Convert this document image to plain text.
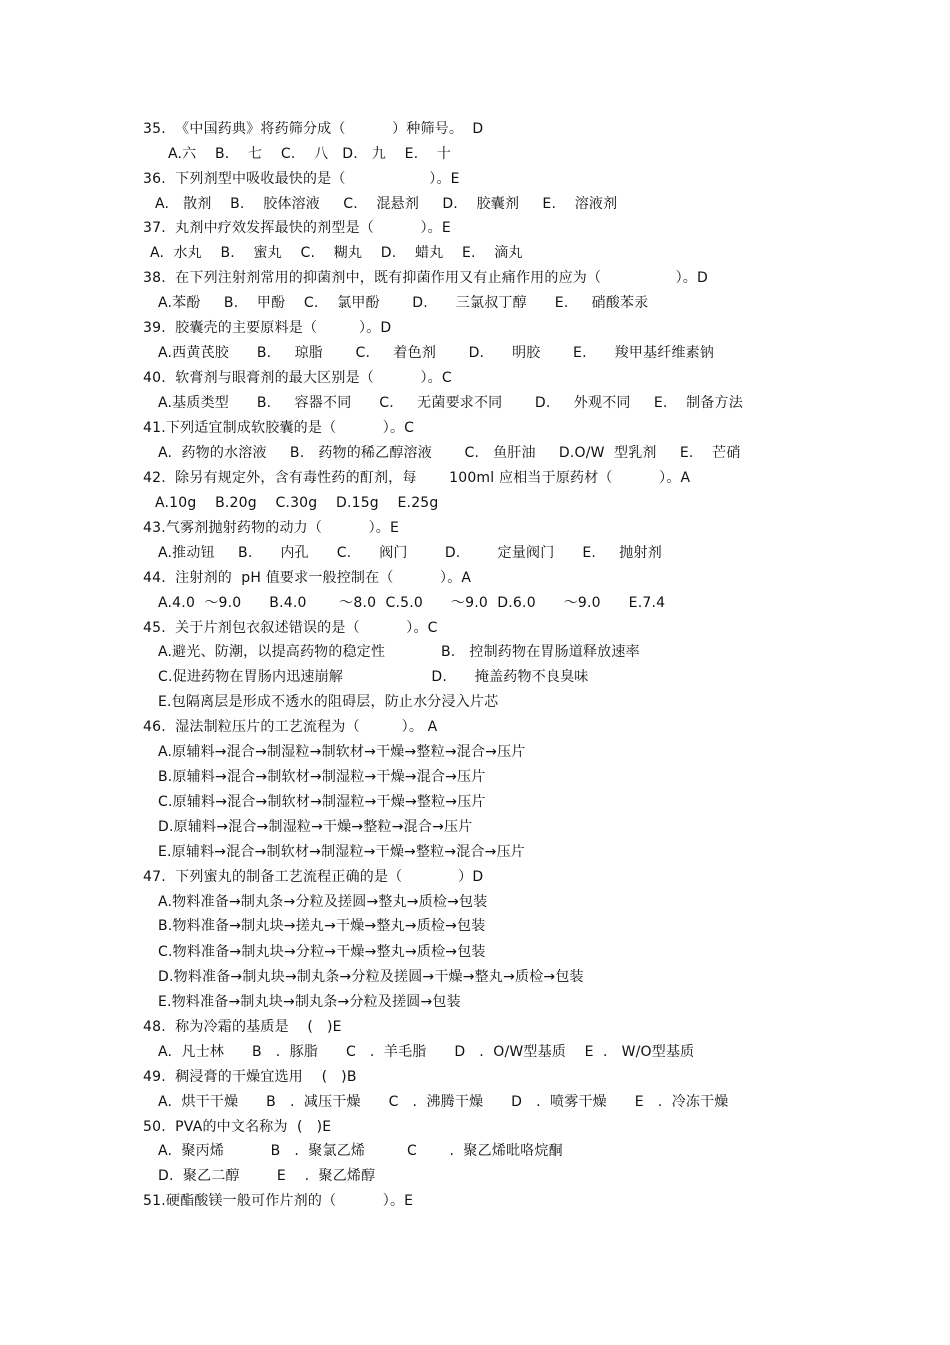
35.  《中国药典》将药筛分成（          ）种筛号。  D
A.六    B.    七    C.    八   D.   九    E.    十
36.  下列剂型中吸收最快的是（                  ）。E
A.   散剂    B.    胶体溶液     C.    混悬剂     D.    胶囊剂     E.    溶液剂
37.  丸剂中疗效发挥最快的剂型是（          ）。E
A.  水丸    B.    蜜丸    C.    糊丸    D.    蜡丸    E.    滴丸
38.  在下列注射剂常用的抑菌剂中，既有抑菌作用又有止痛作用的应为（                ）。D
A.苯酚     B.    甲酚    C.    氯甲酚       D.      三氯叔丁醇      E.     硝酸苯汞
39.  胶囊壳的主要原料是（         ）。D
A.西黄芪胶      B.     琼脂       C.     着色剂       D.      明胶       E.      羧甲基纤维素钠
40.  软膏剂与眼膏剂的最大区别是（          ）。C
A.基质类型      B.     容器不同      C.     无菌要求不同       D.     外观不同     E.    制备方法
41.下列适宜制成软胶囊的是（          ）。C
A.  药物的水溶液     B.   药物的稀乙醇溶液       C.   鱼肝油     D.O/W  型乳剂     E.    芒硝
42.  除另有规定外，含有毒性药的酊剂，每       100ml 应相当于原药材（          ）。A
A.10g    B.20g    C.30g    D.15g    E.25g
43.气雾剂抛射药物的动力（          ）。E
A.推动钮     B.      内孔      C.      阀门        D.        定量阀门      E.     抛射剂
44.  注射剂的  pH 值要求一般控制在（          ）。A
A.4.0  ～9.0      B.4.0       ～8.0  C.5.0      ～9.0  D.6.0      ～9.0      E.7.4
45.  关于片剂包衣叙述错误的是（          ）。C
A.避光、防潮，以提高药物的稳定性            B.   控制药物在胃肠道释放速率
C.促进药物在胃肠内迅速崩解                   D.      掩盖药物不良臭味
E.包隔离层是形成不透水的阻碍层，防止水分浸入片芯
46.  湿法制粒压片的工艺流程为（         ）。 A
A.原辅料→混合→制湿粒→制软材→干燥→整粒→混合→压片
B.原辅料→混合→制软材→制湿粒→干燥→混合→压片
C.原辅料→混合→制软材→制湿粒→干燥→整粒→压片
D.原辅料→混合→制湿粒→干燥→整粒→混合→压片
E.原辅料→混合→制软材→制湿粒→干燥→整粒→混合→压片
47.  下列蜜丸的制备工艺流程正确的是（            ）D
A.物料准备→制丸条→分粒及搓圆→整丸→质检→包装
B.物料准备→制丸块→搓丸→干燥→整丸→质检→包装
C.物料准备→制丸块→分粒→干燥→整丸→质检→包装
D.物料准备→制丸块→制丸条→分粒及搓圆→干燥→整丸→质检→包装
E.物料准备→制丸块→制丸条→分粒及搓圆→包装
48.  称为冷霜的基质是    (   )E
A.  凡士林      B   .  豚脂      C   .  羊毛脂      D   .  O/W型基质    E  .   W/O型基质
49.  稠浸膏的干燥宜选用    (   )B
A.  烘干干燥      B   .  减压干燥      C   .  沸腾干燥      D   .  喷雾干燥      E   .  冷冻干燥
50.  PVA的中文名称为  (   )E
A.  聚丙烯          B   .  聚氯乙烯         C       .  聚乙烯吡咯烷酮
D.  聚乙二醇        E    .  聚乙烯醇
51.硬酯酸镁一般可作片剂的（          ）。E
